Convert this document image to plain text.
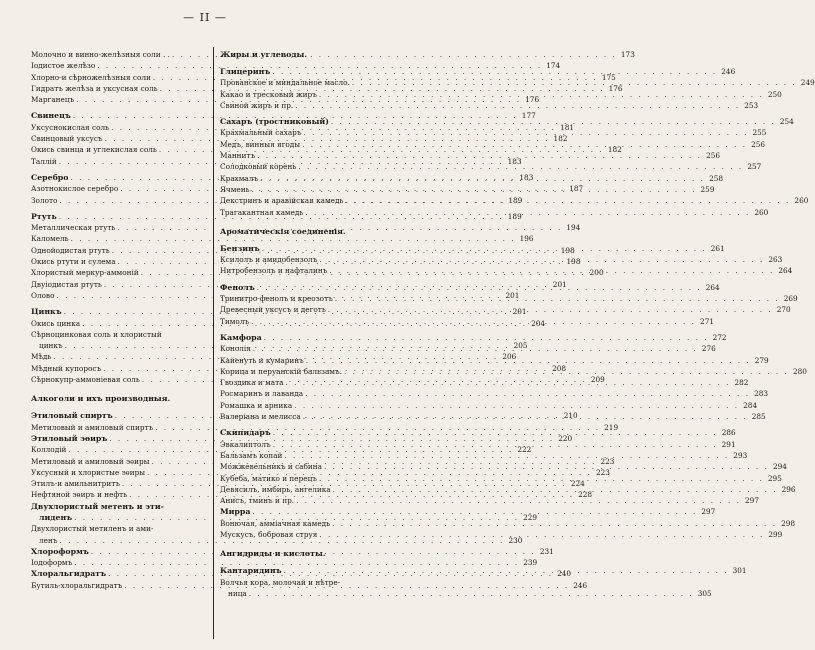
— II —
Молочно и винно-желѣзныя соли . . . . .	173
Іодистое желѣзо . . .	174
Хлорно-и сѣрножелѣзныя соли . . .	175
Гидратъ желѣза и уксусная соль . . .	176
Марганецъ . . .	176
Свинецъ . . .	177
Уксуснокислая соль . . .	181
Свинцовый уксусъ . . .	182
Окись свинца и углекислая соль . . .	182
Таллій . . .	183
Серебро . . .	183
Азотнокислое серебро . . .	187
Золото . . .	189
Ртуть . . .	189
Металлическая ртуть . . .	194
Каломель . . .	196
Однойодистая ртуть . . .	198
Окись ртути и сулема . . .	198
Хлористый меркур-аммоній . . .	200
Двуіодистая ртуть . . .	201
Олово . . .	201
Цинкъ . . .	201
Окись цинка . . .	204
Сѣрноцинковая соль и хлористый
цинкъ . . .	205
Мѣдь . . .	206
Мѣдный купоросъ . . .	208
Сѣрнокупр-аммоніевая соль . . .	209
Алкоголи и ихъ производныя.
Этиловый спиртъ . . .	210
Метиловый и амиловый спиртъ . . .	219
Этиловый эѳиръ . . .	220
Коллодій . . .	222
Метиловый и амиловый эѳиры . . .	223
Уксусный и хлористые эѳиры . . .	223
Этилъ-и амильнитритъ . . .	224
Нефтяной эѳиръ и нефть . . .	228
Двухлористый метенъ и эти-
лиденъ . . .	229
Двухлористый метиленъ и ами-
ленъ . . .	230
Хлороформъ . . .	231
Іодоформъ . . .	239
Хлоральгидратъ . . .	240
Бутиль-хлоральгидратъ . . .	246
Жиры и углеводы.
Глицеринъ . . .	246
Прованское и миндальное масло. . . .	249
Какао и тресковый жиръ . . .	250
Свиной жиръ и пр. . . .	253
Сахаръ (тростниковый) . . .	254
Крахмальный сахаръ . . .	255
Медъ, винныя ягоды . . .	256
Маннитъ . . .	256
Солодковый корень . . .	257
Крахмалъ . . .	258
Ячмень . . .	259
Декстринъ и аравійская камедь . . .	260
Трагакантная камедь . . .	260
Ароматическія соединенія.
Бензинъ . . .	261
Ксилолъ и амидобензолъ . . .	263
Нитробензолъ и нафталинъ . . .	264
Фенолъ . . .	264
Тринитро-фенолъ и креозотъ . . .	269
Древесный уксусъ и деготь . . .	270
Тимолъ . . .	271
Камфора . . .	272
Конолія . . .	276
Кайенуть и кумаринъ . . .	279
Корица и перуанскій бальзамъ. . . .	280
Гвоздика и мата . . .	282
Росмаринъ и лаванда . . .	283
Ромашка и арника . . .	284
Валеріана и мелисса . . .	285
Скипидаръ . . .	286
Эвкалиптолъ . . .	291
Бальзамъ копай . . .	293
Можжевельникъ и сабина . . .	294
Кубеба, матико и перецъ . . .	295
Девясилъ, имбирь, ангелика . . .	296
Анисъ, тминъ и пр. . . .	297
Мирра . . .	297
Вонючая, аммiачная камедь . . .	298
Мускусъ, бобровая струя . . .	299
Ангидриды и кислоты.
Кантаридинъ . . .	301
Волчья кора, молочай и нѣтре-
ница . . .	305
